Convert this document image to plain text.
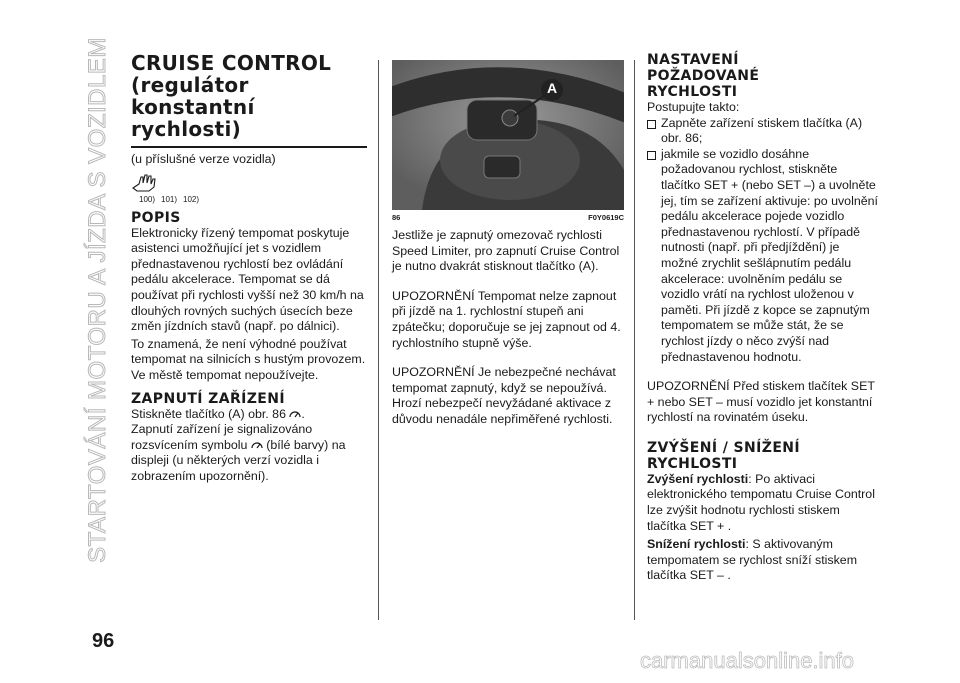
STARTOVÁNÍ MOTORU A JÍZDA S VOZIDLEM
96
CRUISE CONTROL
(regulátor
konstantní
rychlosti)

(u příslušné verze vozidla)

100) 101) 102)
POPIS

Elektronicky řízený tempomat poskytuje asistenci umožňující jet s vozidlem přednastavenou rychlostí bez ovládání pedálu akcelerace. Tempomat se dá používat při rychlosti vyšší než 30 km/h na dlouhých rovných suchých úsecích beze změn jízdních stavů (např. po dálnici).

To znamená, že není výhodné používat tempomat na silnicích s hustým provozem. Ve městě tempomat nepoužívejte.

ZAPNUTÍ ZAŘÍZENÍ

Stiskněte tlačítko (A) obr. 86 .
Zapnutí zařízení je signalizováno rozsvícením symbolu (bílé barvy) na displeji (u některých verzí vozidla i zobrazením upozornění).

A
86	F0Y0619C

Jestliže je zapnutý omezovač rychlosti Speed Limiter, pro zapnutí Cruise Control je nutno dvakrát stisknout tlačítko (A).

UPOZORNĚNÍ Tempomat nelze zapnout při jízdě na 1. rychlostní stupeň ani zpátečku; doporučuje se jej zapnout od 4. rychlostního stupně výše.

UPOZORNĚNÍ Je nebezpečné nechávat tempomat zapnutý, když se nepoužívá. Hrozí nebezpečí nevyžádané aktivace z důvodu nenadále nepřiměřené rychlosti.

NASTAVENÍ
POŽADOVANÉ
RYCHLOSTI

Postupujte takto:

Zapněte zařízení stiskem tlačítka (A) obr. 86;

jakmile se vozidlo dosáhne požadovanou rychlost, stiskněte tlačítko SET + (nebo SET –) a uvolněte jej, tím se zařízení aktivuje: po uvolnění pedálu akcelerace pojede vozidlo přednastavenou rychlostí. V případě nutnosti (např. při předjíždění) je možné zrychlit sešlápnutím pedálu akcelerace: uvolněním pedálu se vozidlo vrátí na rychlost uloženou v paměti. Při jízdě z kopce se zapnutým tempomatem se může stát, že se rychlost jízdy o něco zvýší nad přednastavenou hodnotu.

UPOZORNĚNÍ Před stiskem tlačítek SET + nebo SET – musí vozidlo jet konstantní rychlostí na rovinatém úseku.

ZVÝŠENÍ / SNÍŽENÍ
RYCHLOSTI

Zvýšení rychlosti: Po aktivaci elektronického tempomatu Cruise Control lze zvýšit hodnotu rychlosti stiskem tlačítka SET + .

Snížení rychlosti: S aktivovaným tempomatem se rychlost sníží stiskem tlačítka SET – .

carmanualsonline.info
